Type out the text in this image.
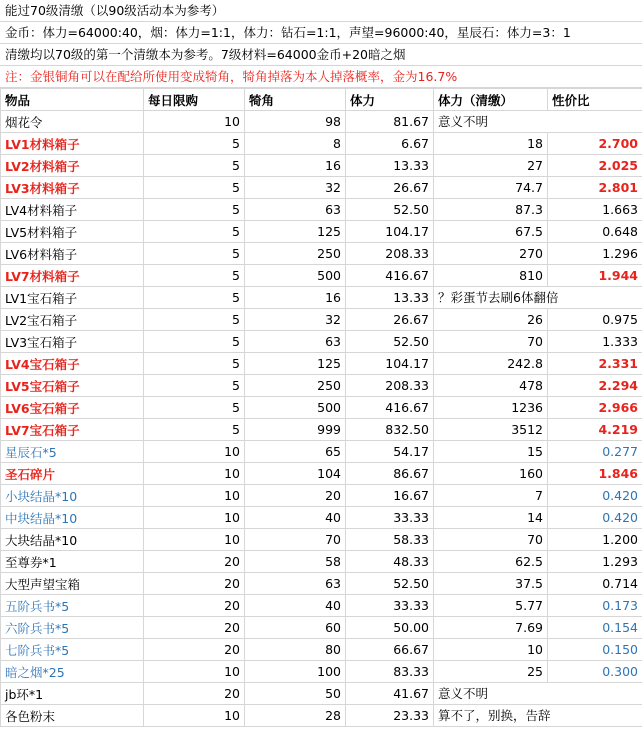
能过70级清缴（以90级活动本为参考）
金币：体力=64000:40，烟：体力=1:1，体力：钻石=1:1，声望=96000:40，星辰石：体力=3：1
清缴均以70级的第一个清缴本为参考。7级材料=64000金币+20暗之烟
注：金银铜角可以在配给所使用变成犄角，犄角掉落为本人掉落概率，金为16.7%
物品	每日限购	犄角	体力	体力（清缴）	性价比
烟花令	10	98	81.67	意义不明	

LV1材料箱子	5	8	6.67	18	2.700
LV2材料箱子	5	16	13.33	27	2.025
LV3材料箱子	5	32	26.67	74.7	2.801
LV4材料箱子	5	63	52.50	87.3	1.663
LV5材料箱子	5	125	104.17	67.5	0.648
LV6材料箱子	5	250	208.33	270	1.296
LV7材料箱子	5	500	416.67	810	1.944
LV1宝石箱子	5	16	13.33	？彩蛋节去刷6体翻倍	

LV2宝石箱子	5	32	26.67	26	0.975
LV3宝石箱子	5	63	52.50	70	1.333
LV4宝石箱子	5	125	104.17	242.8	2.331
LV5宝石箱子	5	250	208.33	478	2.294
LV6宝石箱子	5	500	416.67	1236	2.966
LV7宝石箱子	5	999	832.50	3512	4.219
星辰石*5	10	65	54.17	15	0.277
圣石碎片	10	104	86.67	160	1.846
小块结晶*10	10	20	16.67	7	0.420
中块结晶*10	10	40	33.33	14	0.420
大块结晶*10	10	70	58.33	70	1.200
至尊券*1	20	58	48.33	62.5	1.293
大型声望宝箱	20	63	52.50	37.5	0.714
五阶兵书*5	20	40	33.33	5.77	0.173
六阶兵书*5	20	60	50.00	7.69	0.154
七阶兵书*5	20	80	66.67	10	0.150
暗之烟*25	10	100	83.33	25	0.300
jb环*1	20	50	41.67	意义不明	

各色粉末	10	28	23.33	算不了，别换，告辞	
